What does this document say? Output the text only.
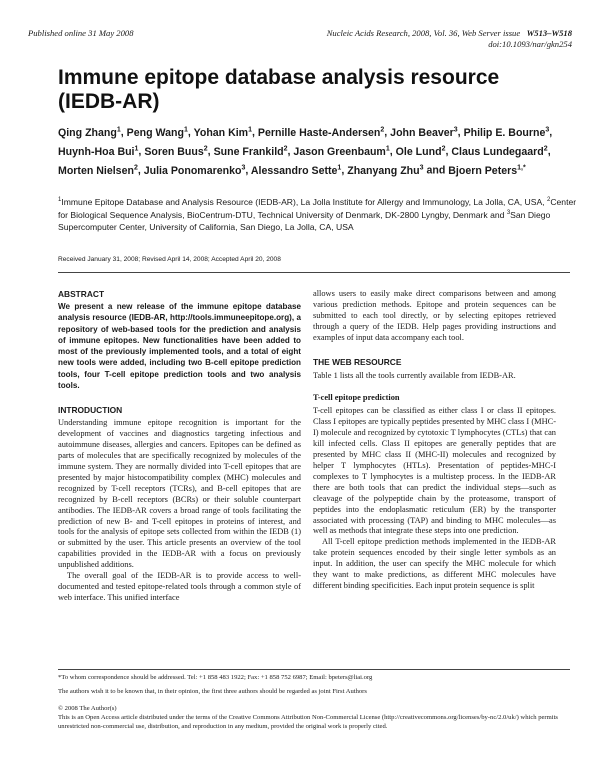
Published online 31 May 2008	Nucleic Acids Research, 2008, Vol. 36, Web Server issue W513–W518
doi:10.1093/nar/gkn254
Immune epitope database analysis resource (IEDB-AR)
Qing Zhang$^1$, Peng Wang$^1$, Yohan Kim$^1$, Pernille Haste-Andersen$^2$, John Beaver$^3$, Philip E. Bourne$^3$, Huynh-Hoa Bui$^1$, Soren Buus$^2$, Sune Frankild$^2$, Jason Greenbaum$^1$, Ole Lund$^2$, Claus Lundegaard$^2$, Morten Nielsen$^2$, Julia Ponomarenko$^3$, Alessandro Sette$^1$, Zhanyang Zhu$^3$ and Bjoern Peters$^{1,*}$
$^1$Immune Epitope Database and Analysis Resource (IEDB-AR), La Jolla Institute for Allergy and Immunology, La Jolla, CA, USA, $^2$Center for Biological Sequence Analysis, BioCentrum-DTU, Technical University of Denmark, DK-2800 Lyngby, Denmark and $^3$San Diego Supercomputer Center, University of California, San Diego, La Jolla, CA, USA
Received January 31, 2008; Revised April 14, 2008; Accepted April 20, 2008

ABSTRACT

We present a new release of the immune epitope database analysis resource (IEDB-AR, http://tools.immuneepitope.org), a repository of web-based tools for the prediction and analysis of immune epitopes. New functionalities have been added to most of the previously implemented tools, and a total of eight new tools were added, including two B-cell epitope prediction tools, four T-cell epitope prediction tools and two analysis tools.

INTRODUCTION

Understanding immune epitope recognition is important for the development of vaccines and diagnostics targeting infectious and autoimmune diseases, allergies and cancers. Epitopes can be defined as parts of molecules that are specifically recognized by molecules of the immune system. They are normally divided into T-cell epitopes that are presented by major histocompatibility complex (MHC) molecules and recognized by T-cell receptors (TCRs), and B-cell epitopes that are recognized by B-cell receptors (BCRs) or their soluble counterpart antibodies. The IEDB-AR covers a broad range of tools facilitating the prediction of new B- and T-cell epitopes in proteins of interest, and tools for the analysis of epitope sets collected from within the IEDB (1) or submitted by the user. This article presents an overview of the tool capabilities provided in the IEDB-AR with a focus on previously unpublished additions.

The overall goal of the IEDB-AR is to provide access to well-documented and tested epitope-related tools through a common style of web interface. This unified interface

allows users to easily make direct comparisons between and among various prediction methods. Epitope and protein sequences can be submitted to each tool directly, or by selecting epitopes retrieved through a query of the IEDB. Help pages providing instructions and examples of input data accompany each tool.

THE WEB RESOURCE

Table 1 lists all the tools currently available from IEDB-AR.

T-cell epitope prediction

T-cell epitopes can be classified as either class I or class II epitopes. Class I epitopes are typically peptides presented by MHC class I (MHC-I) molecule and recognized by cytotoxic T lymphocytes (CTLs) that can kill infected cells. Class II epitopes are generally peptides that are presented by MHC class II (MHC-II) molecules and recognized by helper T lymphocytes (HTLs). Presentation of peptides-MHC-I complexes to T lymphocytes is a multistep process. In the IEDB-AR there are both tools that can predict the individual steps—such as cleavage of the polypeptide chain by the proteasome, transport of peptides into the endoplasmatic reticulum (ER) by the transporter associated with processing (TAP) and binding to MHC molecules—as well as methods that integrate these steps into one prediction.

All T-cell epitope prediction methods implemented in the IEDB-AR take protein sequences encoded by their single letter symbols as an input. In addition, the user can specify the MHC molecule for which they want to make predictions, as different MHC molecules have different binding specificities. Each input protein sequence is split

*To whom correspondence should be addressed. Tel: +1 858 483 1922; Fax: +1 858 752 6987; Email: bpeters@liai.org
The authors wish it to be known that, in their opinion, the first three authors should be regarded as joint First Authors
© 2008 The Author(s)
This is an Open Access article distributed under the terms of the Creative Commons Attribution Non-Commercial License (http://creativecommons.org/licenses/by-nc/2.0/uk/) which permits unrestricted non-commercial use, distribution, and reproduction in any medium, provided the original work is properly cited.
